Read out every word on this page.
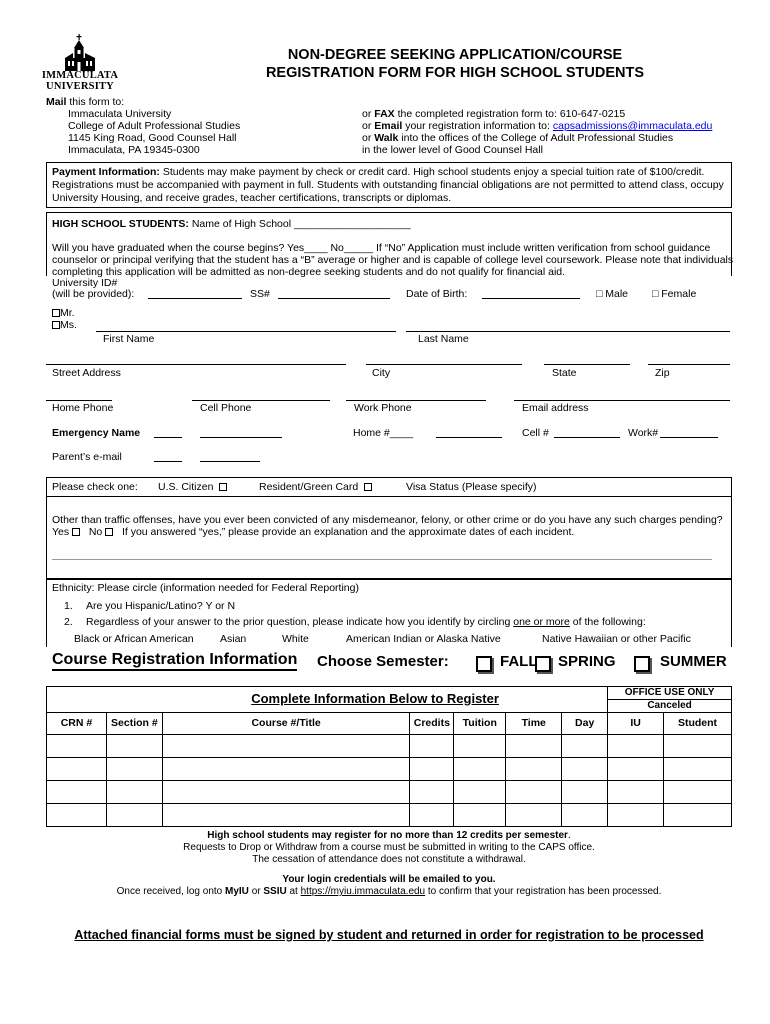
IMMACULATA
UNIVERSITY
NON-DEGREE SEEKING APPLICATION/COURSE
REGISTRATION FORM FOR HIGH SCHOOL STUDENTS
Mail this form to:
Immaculata University
College of Adult Professional Studies
1145 King Road, Good Counsel Hall
Immaculata, PA 19345-0300
or FAX the completed registration form to: 610-647-0215
or Email your registration information to: capsadmissions@immaculata.edu
or Walk into the offices of the College of Adult Professional Studies
in the lower level of Good Counsel Hall
Payment Information: Students may make payment by check or credit card. High school students enjoy a special tuition rate of $100/credit. Registrations must be accompanied with payment in full. Students with outstanding financial obligations are not permitted to attend class, occupy University Housing, and receive grades, teacher certifications, transcripts or diplomas.
HIGH SCHOOL STUDENTS: Name of High School ____________________
Will you have graduated when the course begins? Yes____ No_____ If “No” Application must include written verification from school guidance
counselor or principal verifying that the student has a “B” average or higher and is capable of college level coursework. Please note that individuals
completing this application will be admitted as non-degree seeking students and do not qualify for financial aid.
University ID#
(will be provided):	SS#	Date of Birth:	□ Male □ Female
Mr.
Ms.
First Name	Last Name
Street Address	City	State	Zip
Home Phone	Cell Phone	Work Phone	Email address
Emergency Name	Home #____	Cell #	Work#
Parent’s e-mail
Please check one: U.S. Citizen	Resident/Green Card	Visa Status (Please specify)
Other than traffic offenses, have you ever been convicted of any misdemeanor, felony, or other crime or do you have any such charges pending?
Yes No If you answered “yes,” please provide an explanation and the approximate dates of each incident.
Ethnicity: Please circle (information needed for Federal Reporting)
1. Are you Hispanic/Latino? Y or N
2. Regardless of your answer to the prior question, please indicate how you identify by circling one or more of the following:
Black or African American	Asian	White	American Indian or Alaska Native	Native Hawaiian or other Pacific
Course Registration Information Choose Semester:	FALL SPRING	SUMMER
Complete Information Below to Register							OFFICE USE ONLY
Canceled	

CRN #	Section #	Course #/Title	Credits	Tuition	Time	Day	IU	Student

High school students may register for no more than 12 credits per semester.
Requests to Drop or Withdraw from a course must be submitted in writing to the CAPS office.
The cessation of attendance does not constitute a withdrawal.
Your login credentials will be emailed to you.
Once received, log onto MyIU or SSIU at https://myiu.immaculata.edu to confirm that your registration has been processed.
Attached financial forms must be signed by student and returned in order for registration to be processed
